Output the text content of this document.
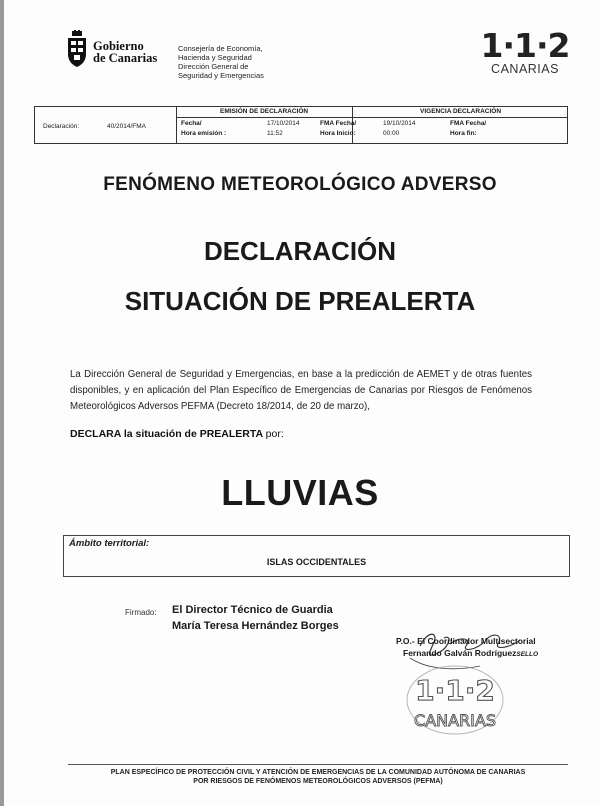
Gobierno
de Canarias
Consejería de Economía,
Hacienda y Seguridad
Dirección General de
Seguridad y Emergencias
1·1·2
CANARIAS
Declaración:	40/2014/FMA
EMISIÓN DE DECLARACIÓN	VIGENCIA DECLARACIÓN
Fecha/	17/10/2014
Hora emisión :	11:52
FMA Fecha/	19/10/2014
Hora Inicio:	00:00
FMA Fecha/
Hora fin:
FENÓMENO METEOROLÓGICO ADVERSO
DECLARACIÓN
SITUACIÓN DE PREALERTA
La Dirección General de Seguridad y Emergencias, en base a la predicción de AEMET y de otras fuentes disponibles, y en aplicación del Plan Específico de Emergencias de Canarias por Riesgos de Fenómenos Meteorológicos Adversos PEFMA (Decreto 18/2014, de 20 de marzo),
DECLARA la situación de PREALERTA por:
LLUVIAS
Ámbito territorial:
ISLAS OCCIDENTALES
Firmado: El Director Técnico de Guardia
María Teresa Hernández Borges
P.O.- El Coordinador Multisectorial
Fernando Galván RodríguezSELLO
1·1·2
CANARIAS
PLAN ESPECÍFICO DE PROTECCIÓN CIVIL Y ATENCIÓN DE EMERGENCIAS DE LA COMUNIDAD AUTÓNOMA DE CANARIAS
POR RIESGOS DE FENÓMENOS METEOROLÓGICOS ADVERSOS (PEFMA)
